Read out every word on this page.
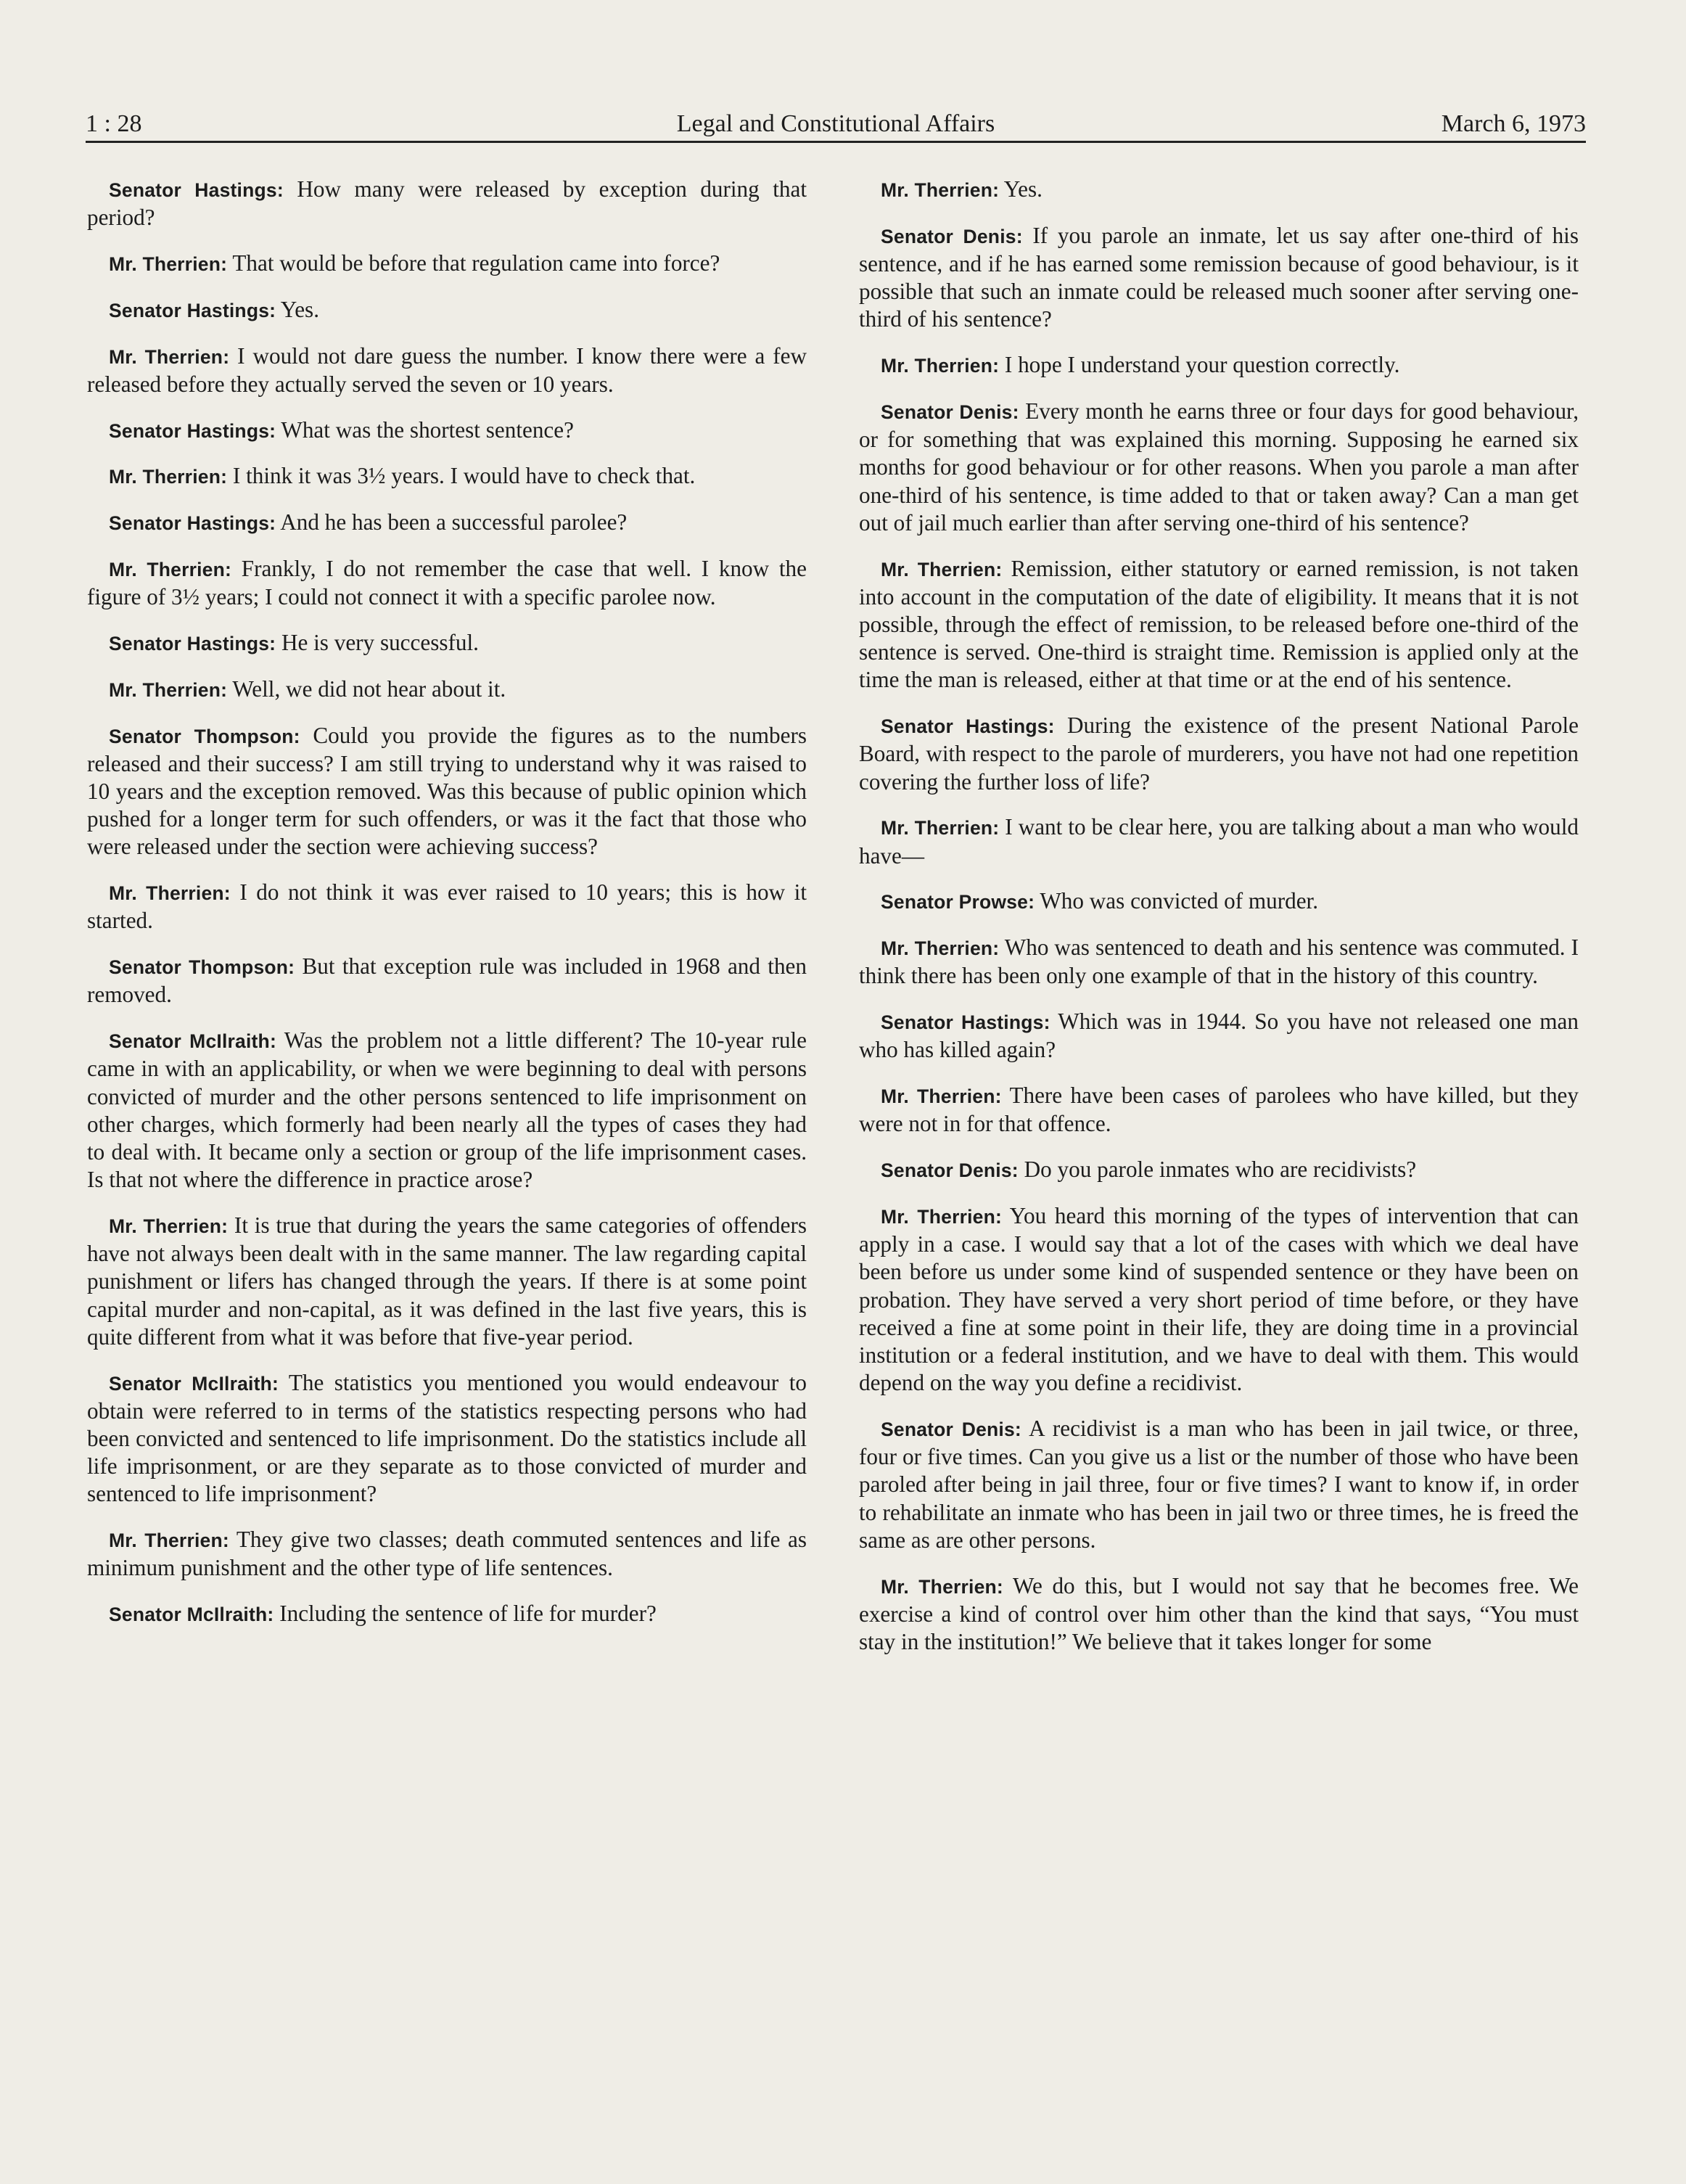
1 : 28	Legal and Constitutional Affairs	March 6, 1973

Senator Hastings: How many were released by exception during that period?

Mr. Therrien: That would be before that regulation came into force?

Senator Hastings: Yes.

Mr. Therrien: I would not dare guess the number. I know there were a few released before they actually served the seven or 10 years.

Senator Hastings: What was the shortest sentence?

Mr. Therrien: I think it was 3½ years. I would have to check that.

Senator Hastings: And he has been a successful parolee?

Mr. Therrien: Frankly, I do not remember the case that well. I know the figure of 3½ years; I could not connect it with a specific parolee now.

Senator Hastings: He is very successful.

Mr. Therrien: Well, we did not hear about it.

Senator Thompson: Could you provide the figures as to the numbers released and their success? I am still trying to understand why it was raised to 10 years and the exception removed. Was this because of public opinion which pushed for a longer term for such offenders, or was it the fact that those who were released under the section were achieving success?

Mr. Therrien: I do not think it was ever raised to 10 years; this is how it started.

Senator Thompson: But that exception rule was included in 1968 and then removed.

Senator McIlraith: Was the problem not a little different? The 10-year rule came in with an applicability, or when we were beginning to deal with persons convicted of murder and the other persons sentenced to life imprisonment on other charges, which formerly had been nearly all the types of cases they had to deal with. It became only a section or group of the life imprisonment cases. Is that not where the difference in practice arose?

Mr. Therrien: It is true that during the years the same categories of offenders have not always been dealt with in the same manner. The law regarding capital punishment or lifers has changed through the years. If there is at some point capital murder and non-capital, as it was defined in the last five years, this is quite different from what it was before that five-year period.

Senator McIlraith: The statistics you mentioned you would endeavour to obtain were referred to in terms of the statistics respecting persons who had been convicted and sentenced to life imprisonment. Do the statistics include all life imprisonment, or are they separate as to those convicted of murder and sentenced to life imprisonment?

Mr. Therrien: They give two classes; death commuted sentences and life as minimum punishment and the other type of life sentences.

Senator McIlraith: Including the sentence of life for murder?

Mr. Therrien: Yes.

Senator Denis: If you parole an inmate, let us say after one-third of his sentence, and if he has earned some remission because of good behaviour, is it possible that such an inmate could be released much sooner after serving one-third of his sentence?

Mr. Therrien: I hope I understand your question correctly.

Senator Denis: Every month he earns three or four days for good behaviour, or for something that was explained this morning. Supposing he earned six months for good behaviour or for other reasons. When you parole a man after one-third of his sentence, is time added to that or taken away? Can a man get out of jail much earlier than after serving one-third of his sentence?

Mr. Therrien: Remission, either statutory or earned remission, is not taken into account in the computation of the date of eligibility. It means that it is not possible, through the effect of remission, to be released before one-third of the sentence is served. One-third is straight time. Remission is applied only at the time the man is released, either at that time or at the end of his sentence.

Senator Hastings: During the existence of the present National Parole Board, with respect to the parole of murderers, you have not had one repetition covering the further loss of life?

Mr. Therrien: I want to be clear here, you are talking about a man who would have—

Senator Prowse: Who was convicted of murder.

Mr. Therrien: Who was sentenced to death and his sentence was commuted. I think there has been only one example of that in the history of this country.

Senator Hastings: Which was in 1944. So you have not released one man who has killed again?

Mr. Therrien: There have been cases of parolees who have killed, but they were not in for that offence.

Senator Denis: Do you parole inmates who are recidivists?

Mr. Therrien: You heard this morning of the types of intervention that can apply in a case. I would say that a lot of the cases with which we deal have been before us under some kind of suspended sentence or they have been on probation. They have served a very short period of time before, or they have received a fine at some point in their life, they are doing time in a provincial institution or a federal institution, and we have to deal with them. This would depend on the way you define a recidivist.

Senator Denis: A recidivist is a man who has been in jail twice, or three, four or five times. Can you give us a list or the number of those who have been paroled after being in jail three, four or five times? I want to know if, in order to rehabilitate an inmate who has been in jail two or three times, he is freed the same as are other persons.

Mr. Therrien: We do this, but I would not say that he becomes free. We exercise a kind of control over him other than the kind that says, “You must stay in the institution!” We believe that it takes longer for some
